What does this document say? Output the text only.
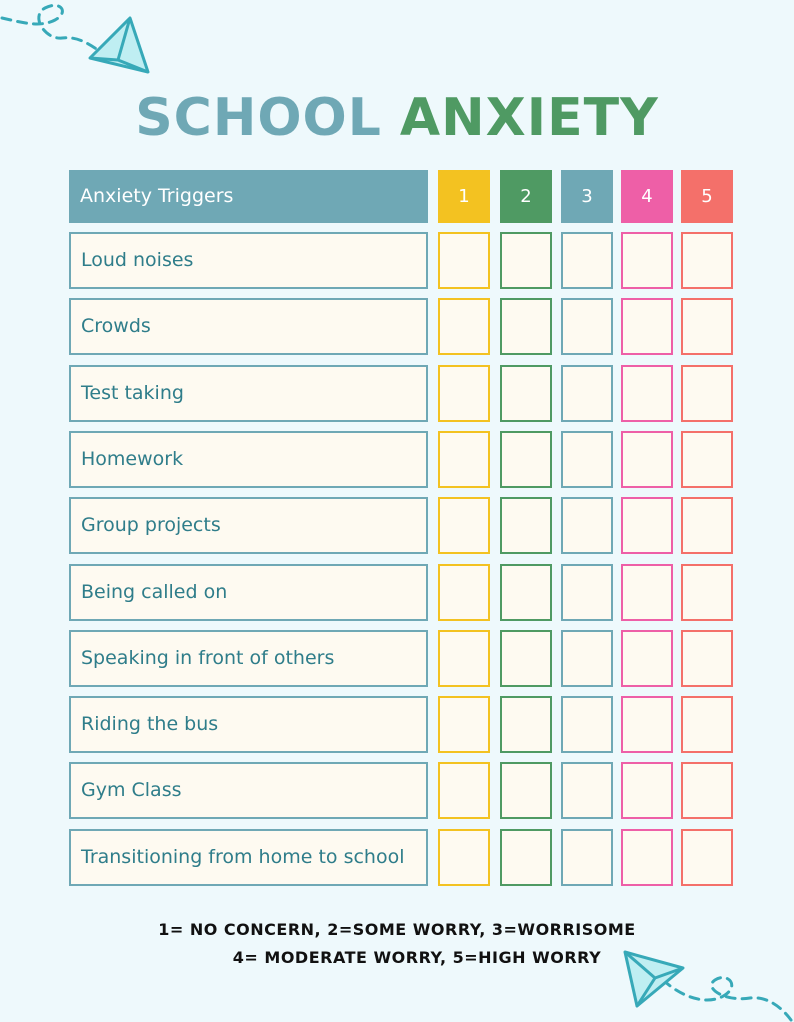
SCHOOL ANXIETY
Anxiety Triggers	1	2	3	4	5
Loud noises
Crowds
Test taking
Homework
Group projects
Being called on
Speaking in front of others
Riding the bus
Gym Class
Transitioning from home to school
1= NO CONCERN, 2=SOME WORRY, 3=WORRISOME
4= MODERATE WORRY, 5=HIGH WORRY
